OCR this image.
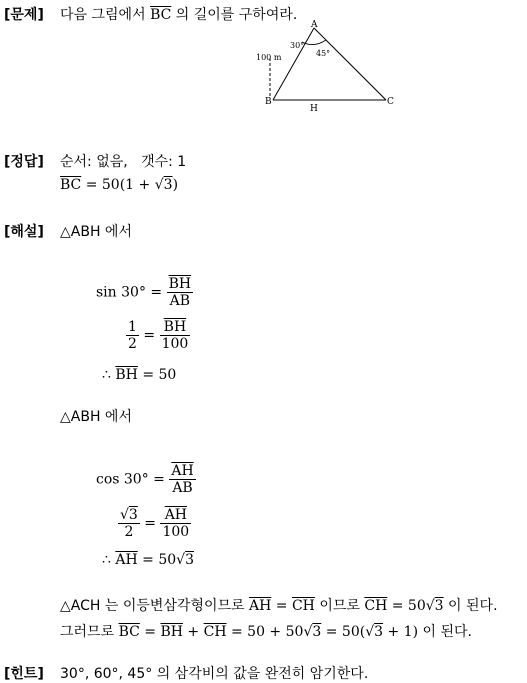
[문제] 다음 그림에서 $\overline{BC}$ 의 길이를 구하여라.
A
B	C
H
100 m
30°
45°
[정답] 순서: 없음, 갯수: 1
$\overline{BC} = 50(1 + √3)$
[해설] △ABH 에서
$\sin 30^\circ = \frac{\overline{BH}}{AB}$
$\frac{1}{2} = \frac{\overline{BH}}{100}$
∴ $\overline{BH} = 50$
△ABH 에서
$\cos 30^\circ = \frac{\overline{AH}}{AB}$
$\frac{√3}{2} = \frac{\overline{AH}}{100}$
∴ $\overline{AH} = 50√3$
△ACH 는 이등변삼각형이므로 $\overline{AH} = \overline{CH}$ 이므로 $\overline{CH} = 50√3$ 이 된다.
그러므로 $\overline{BC} = \overline{BH} + \overline{CH} = 50 + 50√3 = 50(√3 + 1)$ 이 된다.
[힌트] 30°, 60°, 45° 의 삼각비의 값을 완전히 암기한다.
